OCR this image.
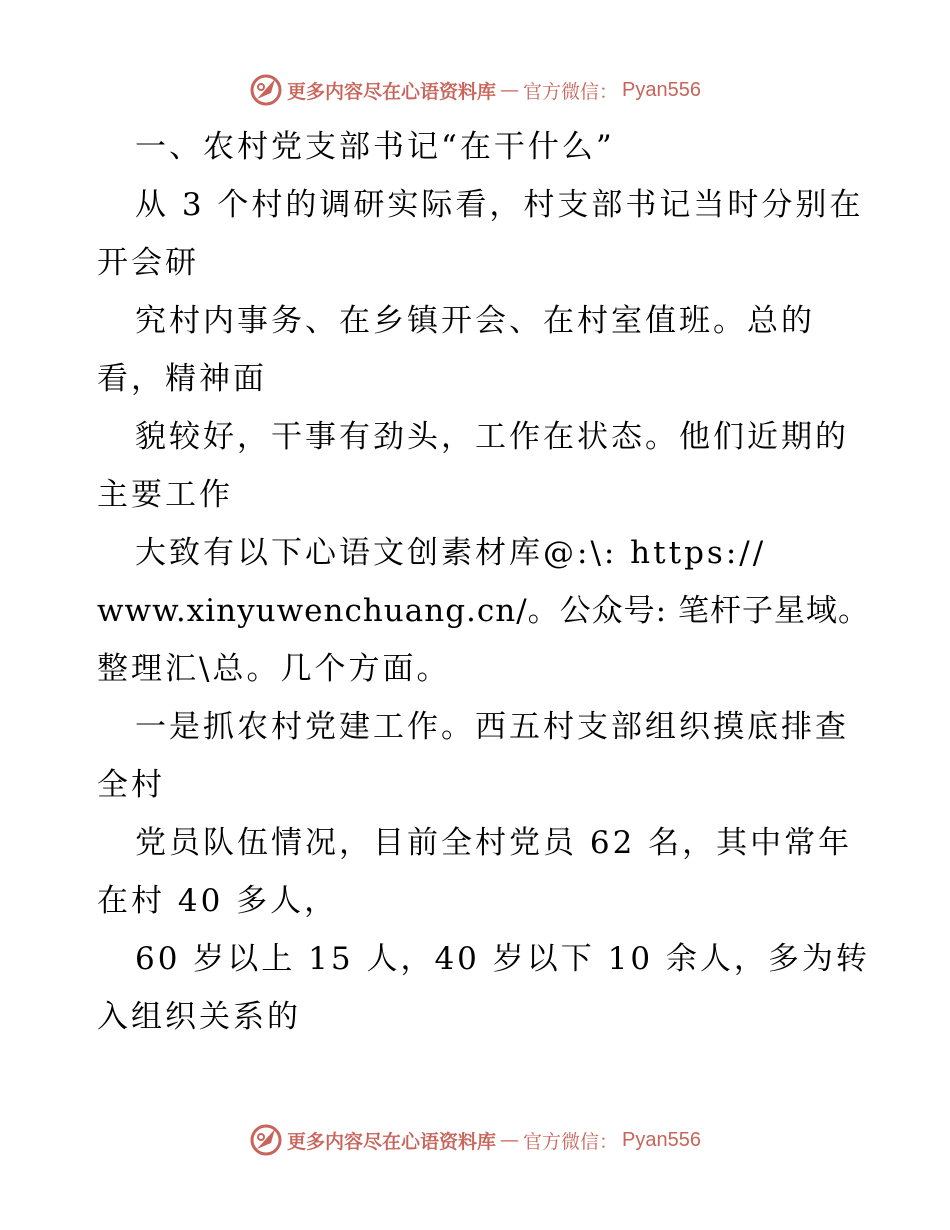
更多内容尽在心语资料库 — 官方微信： Pyan556
一、农村党支部书记“在干什么”
从 3 个村的调研实际看，村支部书记当时分别在
开会研
究村内事务、在乡镇开会、在村室值班。总的
看，精神面
貌较好，干事有劲头，工作在状态。他们近期的
主要工作
大致有以下心语文创素材库@:\: https://
www.xinyuwenchuang.cn/。公众号: 笔杆子星域。
整理汇\总。几个方面。
一是抓农村党建工作。西五村支部组织摸底排查
全村
党员队伍情况，目前全村党员 62 名，其中常年
在村 40 多人，
60 岁以上 15 人，40 岁以下 10 余人，多为转
入组织关系的
更多内容尽在心语资料库 — 官方微信： Pyan556
